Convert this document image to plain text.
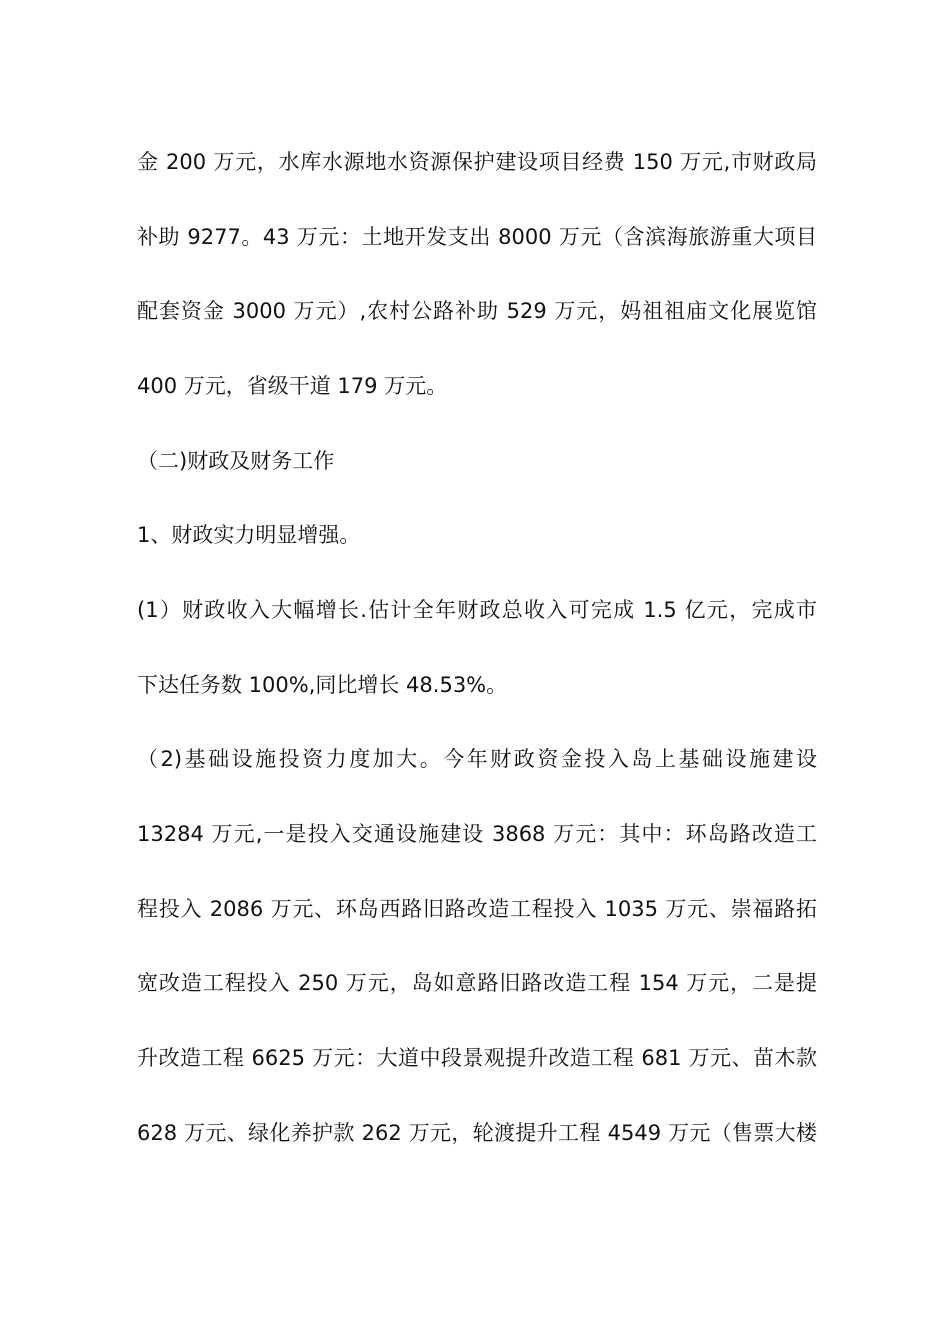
金 200 万元，水库水源地水资源保护建设项目经费 150 万元,市财政局
补助 9277。43 万元：土地开发支出 8000 万元（含滨海旅游重大项目
配套资金 3000 万元）,农村公路补助 529 万元，妈祖祖庙文化展览馆
400 万元，省级干道 179 万元。
（二)财政及财务工作
1、财政实力明显增强。
(1）财政收入大幅增长.估计全年财政总收入可完成 1.5 亿元，完成市
下达任务数 100%,同比增长 48.53%。
（2)基础设施投资力度加大。今年财政资金投入岛上基础设施建设
13284 万元,一是投入交通设施建设 3868 万元：其中：环岛路改造工
程投入 2086 万元、环岛西路旧路改造工程投入 1035 万元、崇福路拓
宽改造工程投入 250 万元，岛如意路旧路改造工程 154 万元，二是提
升改造工程 6625 万元：大道中段景观提升改造工程 681 万元、苗木款
628 万元、绿化养护款 262 万元，轮渡提升工程 4549 万元（售票大楼
